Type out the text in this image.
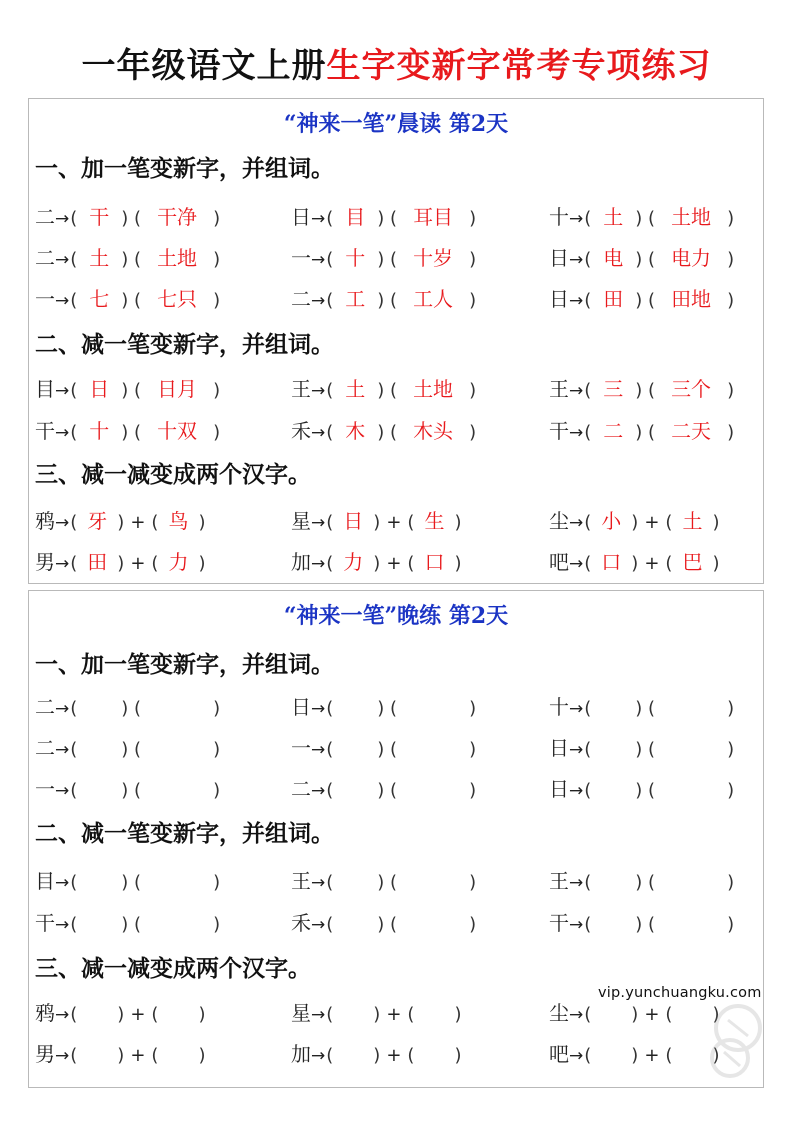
一年级语文上册生字变新字常考专项练习
“神来一笔”晨读 第2天
一、加一笔变新字，并组词。
二、减一笔变新字，并组词。
三、减一减变成两个汉字。
二→( 干 ) ( 干净 )	日→( 目 ) ( 耳目 )	十→( 土 ) ( 土地 )
二→( 土 ) ( 土地 )	一→( 十 ) ( 十岁 )	日→( 电 ) ( 电力 )
一→( 七 ) ( 七只 )	二→( 工 ) ( 工人 )	日→( 田 ) ( 田地 )
目→( 日 ) ( 日月 )	王→( 土 ) ( 土地 )	王→( 三 ) ( 三个 )
干→( 十 ) ( 十双 )	禾→( 木 ) ( 木头 )	干→( 二 ) ( 二天 )
鸦→( 牙 ) + ( 鸟 )	星→( 日 ) + ( 生 )	尘→( 小 ) + ( 土 )
男→( 田 ) + ( 力 )	加→( 力 ) + ( 口 )	吧→( 口 ) + ( 巴 )
“神来一笔”晚练 第2天
一、加一笔变新字，并组词。
二、减一笔变新字，并组词。
三、减一减变成两个汉字。
二→( ) (	)	日→( ) (	)	十→( ) (	)
二→( ) (	)	一→( ) (	)	日→( ) (	)
一→( ) (	)	二→( ) (	)	日→( ) (	)
目→( ) (	)	王→( ) (	)	王→( ) (	)
干→( ) (	)	禾→( ) (	)	干→( ) (	)
鸦→( ) + ( )	星→( ) + ( )	尘→( ) + ( )
男→( ) + ( )	加→( ) + ( )	吧→( ) + ( )
vip.yunchuangku.com
